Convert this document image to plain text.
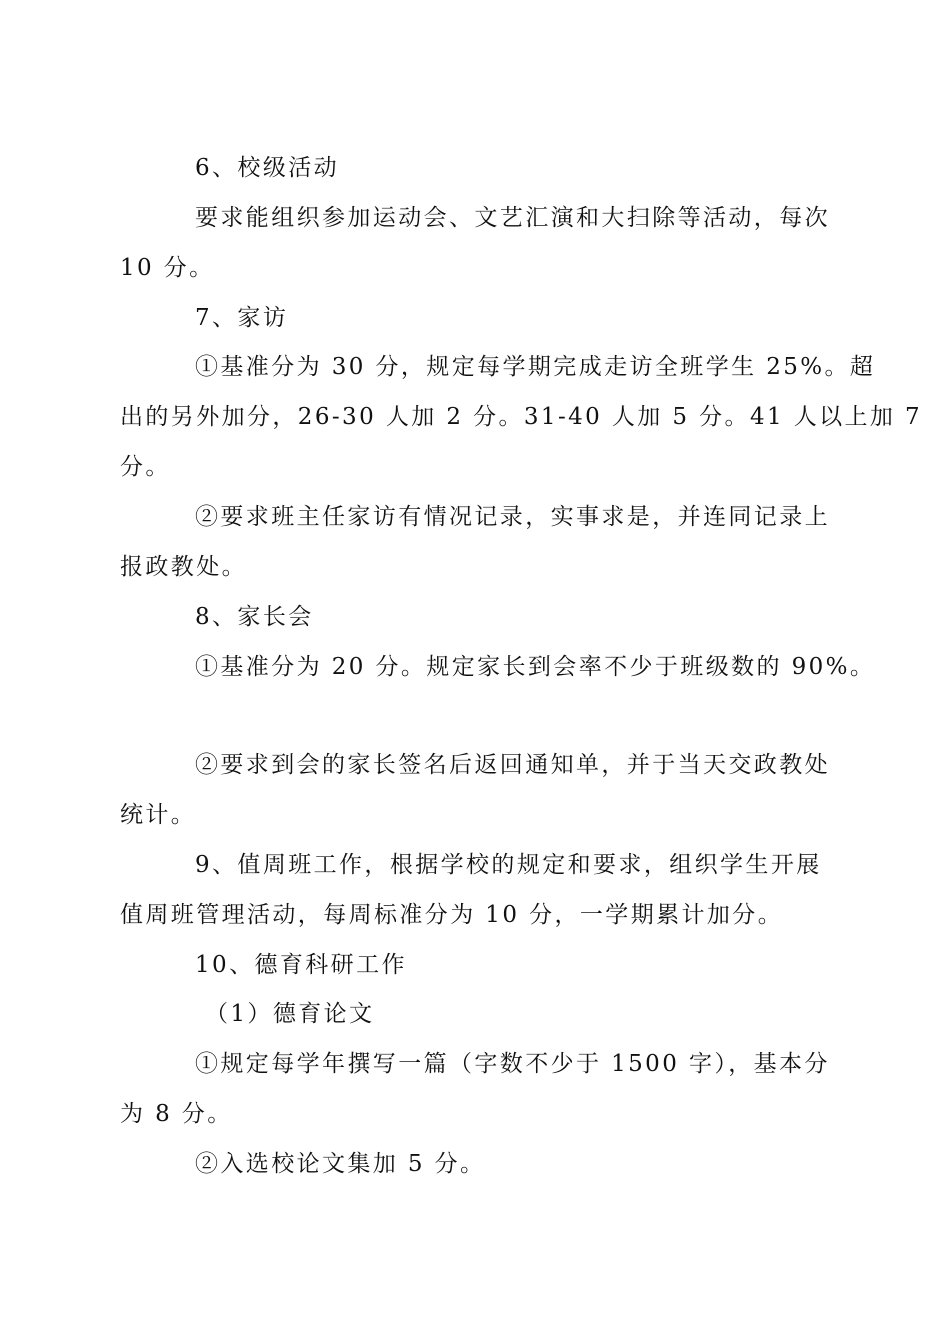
6、校级活动
要求能组织参加运动会、文艺汇演和大扫除等活动，每次
10 分。
7、家访
①基准分为 30 分，规定每学期完成走访全班学生 25%。超
出的另外加分，26-30 人加 2 分。31-40 人加 5 分。41 人以上加 7
分。
②要求班主任家访有情况记录，实事求是，并连同记录上
报政教处。
8、家长会
①基准分为 20 分。规定家长到会率不少于班级数的 90%。
②要求到会的家长签名后返回通知单，并于当天交政教处
统计。
9、值周班工作，根据学校的规定和要求，组织学生开展
值周班管理活动，每周标准分为 10 分，一学期累计加分。
10、德育科研工作
（1）德育论文
①规定每学年撰写一篇（字数不少于 1500 字），基本分
为 8 分。
②入选校论文集加 5 分。
